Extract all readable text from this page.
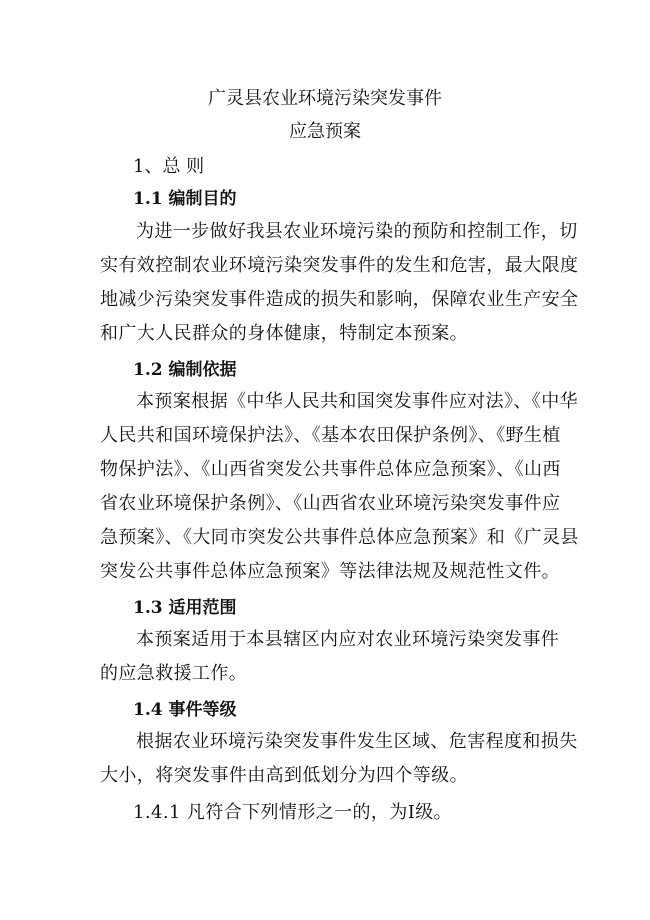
广灵县农业环境污染突发事件
应急预案
1、总 则
1.1 编制目的
为进一步做好我县农业环境污染的预防和控制工作，切
实有效控制农业环境污染突发事件的发生和危害，最大限度
地减少污染突发事件造成的损失和影响，保障农业生产安全
和广大人民群众的身体健康，特制定本预案。
1.2 编制依据
本预案根据《中华人民共和国突发事件应对法》、《中华
人民共和国环境保护法》、《基本农田保护条例》、《野生植
物保护法》、《山西省突发公共事件总体应急预案》、《山西
省农业环境保护条例》、《山西省农业环境污染突发事件应
急预案》、《大同市突发公共事件总体应急预案》和《广灵县
突发公共事件总体应急预案》等法律法规及规范性文件。
1.3 适用范围
本预案适用于本县辖区内应对农业环境污染突发事件
的应急救援工作。
1.4 事件等级
根据农业环境污染突发事件发生区域、危害程度和损失
大小，将突发事件由高到低划分为四个等级。
1.4.1 凡符合下列情形之一的，为Ⅰ级。
